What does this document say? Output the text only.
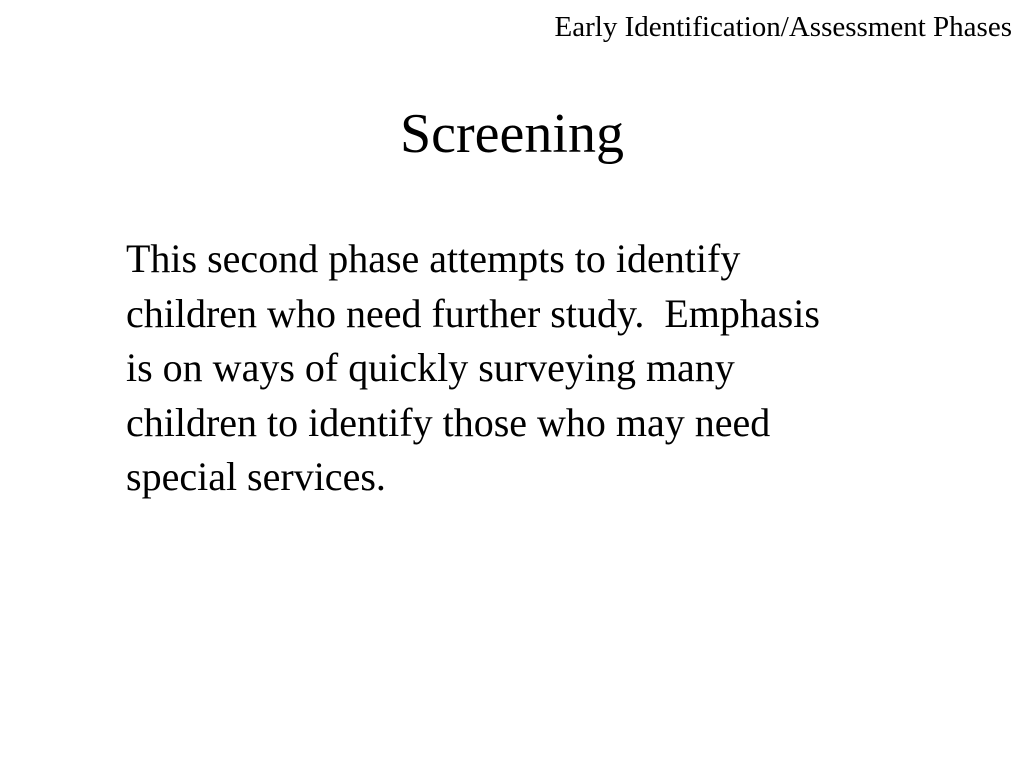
Early Identification/Assessment Phases
Screening
This second phase attempts to identify
children who need further study.  Emphasis
is on ways of quickly surveying many
children to identify those who may need
special services.
